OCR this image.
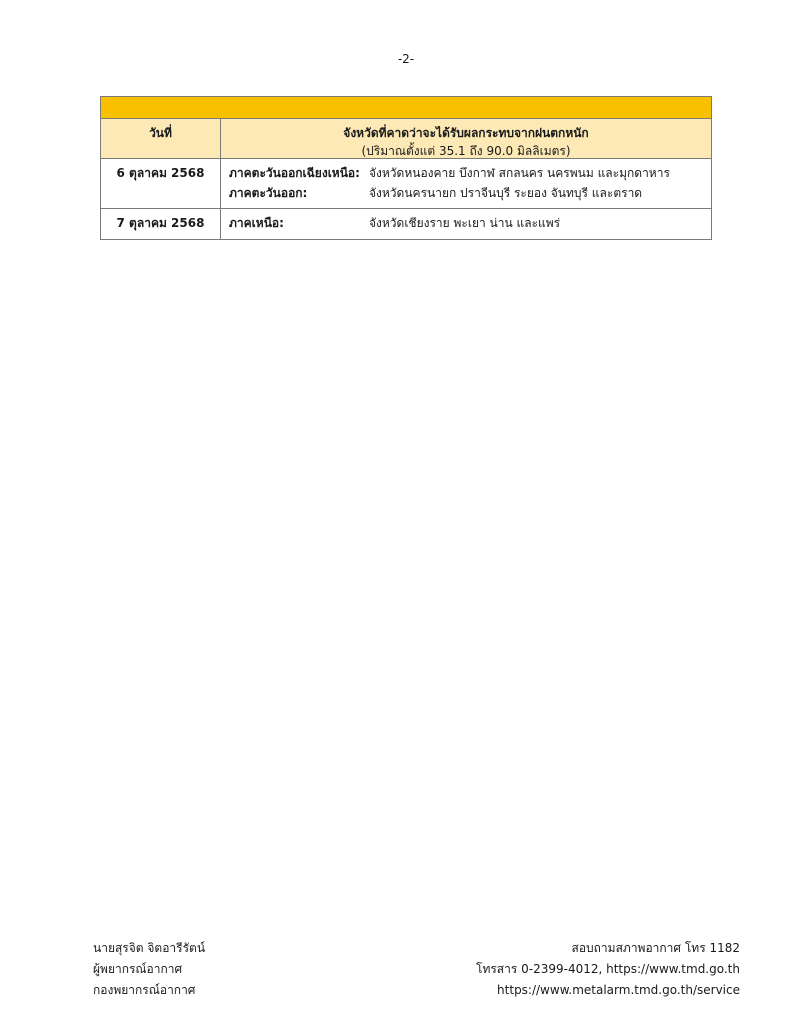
-2-
วันที่	จังหวัดที่คาดว่าจะได้รับผลกระทบจากฝนตกหนัก
(ปริมาณตั้งแต่ 35.1 ถึง 90.0 มิลลิเมตร)
6 ตุลาคม 2568	ภาคตะวันออกเฉียงเหนือ: จังหวัดหนองคาย บึงกาฬ สกลนคร นครพนม และมุกดาหาร
ภาคตะวันออก:	จังหวัดนครนายก ปราจีนบุรี ระยอง จันทบุรี และตราด
7 ตุลาคม 2568	ภาคเหนือ:	จังหวัดเชียงราย พะเยา น่าน และแพร่
นายสุรจิต จิตอารีรัตน์
ผู้พยากรณ์อากาศ
กองพยากรณ์อากาศ
สอบถามสภาพอากาศ โทร 1182
โทรสาร 0-2399-4012, https://www.tmd.go.th
https://www.metalarm.tmd.go.th/service
